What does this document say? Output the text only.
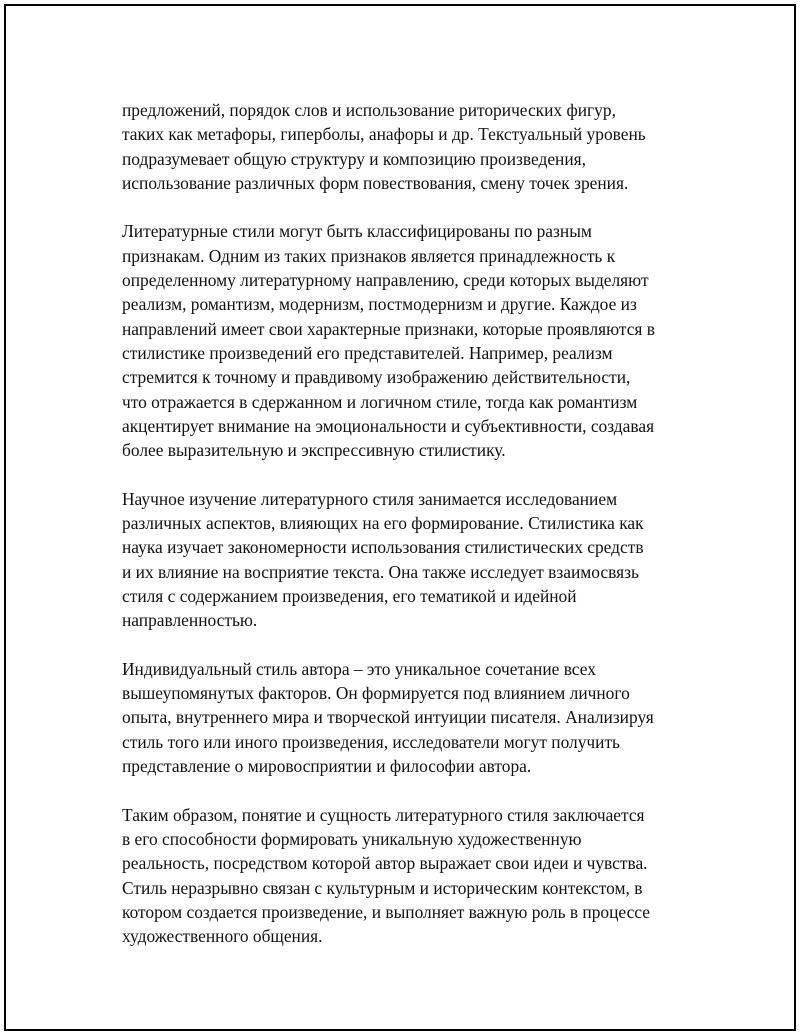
предложений, порядок слов и использование риторических фигур,
таких как метафоры, гиперболы, анафоры и др. Текстуальный уровень
подразумевает общую структуру и композицию произведения,
использование различных форм повествования, смену точек зрения.

Литературные стили могут быть классифицированы по разным
признакам. Одним из таких признаков является принадлежность к
определенному литературному направлению, среди которых выделяют
реализм, романтизм, модернизм, постмодернизм и другие. Каждое из
направлений имеет свои характерные признаки, которые проявляются в
стилистике произведений его представителей. Например, реализм
стремится к точному и правдивому изображению действительности,
что отражается в сдержанном и логичном стиле, тогда как романтизм
акцентирует внимание на эмоциональности и субъективности, создавая
более выразительную и экспрессивную стилистику.

Научное изучение литературного стиля занимается исследованием
различных аспектов, влияющих на его формирование. Стилистика как
наука изучает закономерности использования стилистических средств
и их влияние на восприятие текста. Она также исследует взаимосвязь
стиля с содержанием произведения, его тематикой и идейной
направленностью.

Индивидуальный стиль автора – это уникальное сочетание всех
вышеупомянутых факторов. Он формируется под влиянием личного
опыта, внутреннего мира и творческой интуиции писателя. Анализируя
стиль того или иного произведения, исследователи могут получить
представление о мировосприятии и философии автора.

Таким образом, понятие и сущность литературного стиля заключается
в его способности формировать уникальную художественную
реальность, посредством которой автор выражает свои идеи и чувства.
Стиль неразрывно связан с культурным и историческим контекстом, в
котором создается произведение, и выполняет важную роль в процессе
художественного общения.
